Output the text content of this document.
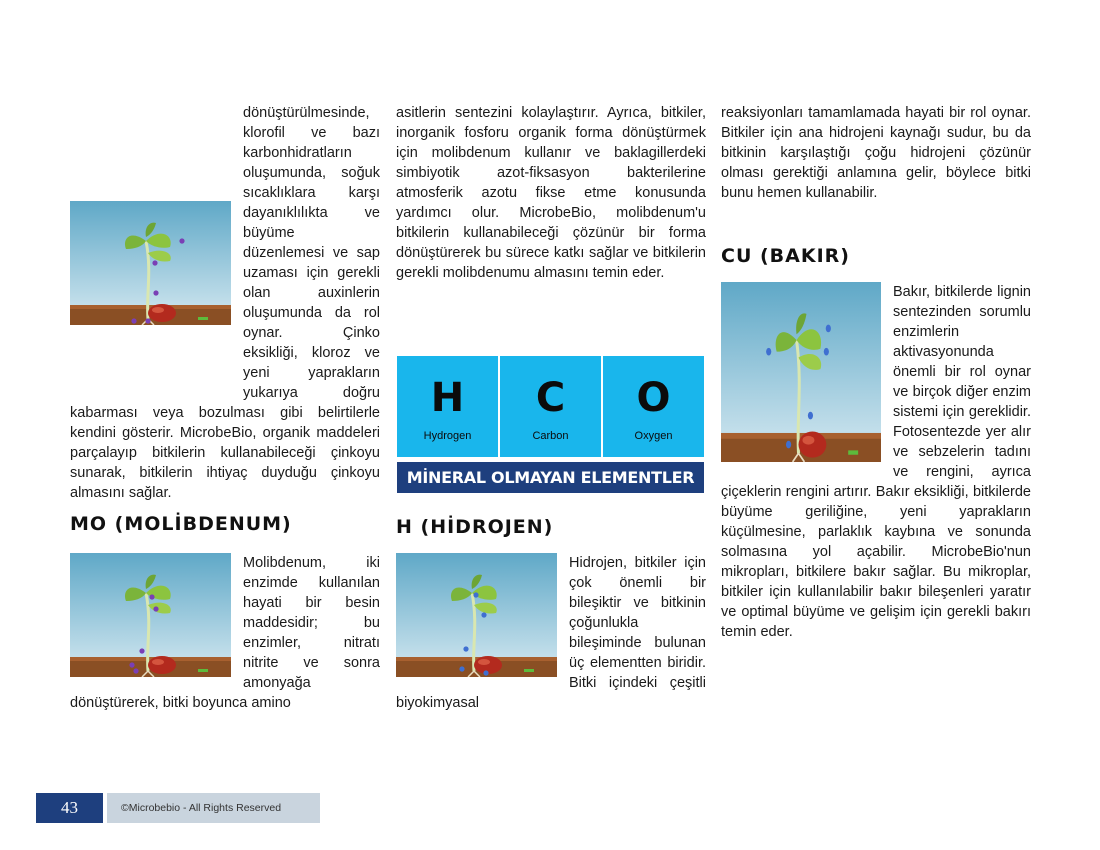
dönüştürülmesinde, klorofil ve bazı karbonhidratların oluşumunda, soğuk sıcaklıklara karşı dayanıklılıkta ve büyüme düzenlemesi ve sap uzaması için gerekli olan auxinlerin oluşumunda da rol oynar. Çinko eksikliği, kloroz ve yeni yaprakların yukarıya doğru kabarması veya bozulması gibi belirtilerle kendini gösterir. MicrobeBio, organik maddeleri parçalayıp bitkilerin kullanabileceği çinkoyu sunarak, bitkilerin ihtiyaç duyduğu çinkoyu almasını sağlar.

MO (MOLİBDENUM)

Molibdenum, iki enzimde kullanılan hayati bir besin maddesidir; bu enzimler, nitratı nitrite ve sonra amonyağa dönüştürerek, bitki boyunca amino

asitlerin sentezini kolaylaştırır. Ayrıca, bitkiler, inorganik fosforu organik forma dönüştürmek için molibdenum kullanır ve baklagillerdeki simbiyotik azot-fiksasyon bakterilerine atmosferik azotu fikse etme konusunda yardımcı olur. MicrobeBio, molibdenum'u bitkilerin kullanabileceği çözünür bir forma dönüştürerek bu sürece katkı sağlar ve bitkilerin gerekli molibdenumu almasını temin eder.

H
Hydrogen
C
Carbon
O
Oxygen
MİNERAL OLMAYAN ELEMENTLER
H (HİDROJEN)

Hidrojen, bitkiler için çok önemli bir bileşiktir ve bitkinin çoğunlukla bileşiminde bulunan üç elementten biridir. Bitki içindeki çeşitli biyokimyasal

reaksiyonları tamamlamada hayati bir rol oynar. Bitkiler için ana hidrojeni kaynağı sudur, bu da bitkinin karşılaştığı çoğu hidrojeni çözünür olması gerektiği anlamına gelir, böylece bitki bunu hemen kullanabilir.

CU (BAKIR)

Bakır, bitkilerde lignin sentezinden sorumlu enzimlerin aktivasyonunda önemli bir rol oynar ve birçok diğer enzim sistemi için gereklidir. Fotosentezde yer alır ve sebzelerin tadını ve rengini, ayrıca çiçeklerin rengini artırır. Bakır eksikliği, bitkilerde büyüme geriliğine, yeni yaprakların küçülmesine, parlaklık kaybına ve sonunda solmasına yol açabilir. MicrobeBio'nun mikropları, bitkilere bakır sağlar. Bu mikroplar, bitkiler için kullanılabilir bakır bileşenleri yaratır ve optimal büyüme ve gelişim için gerekli bakırı temin eder.

43	©Microbebio - All Rights Reserved
